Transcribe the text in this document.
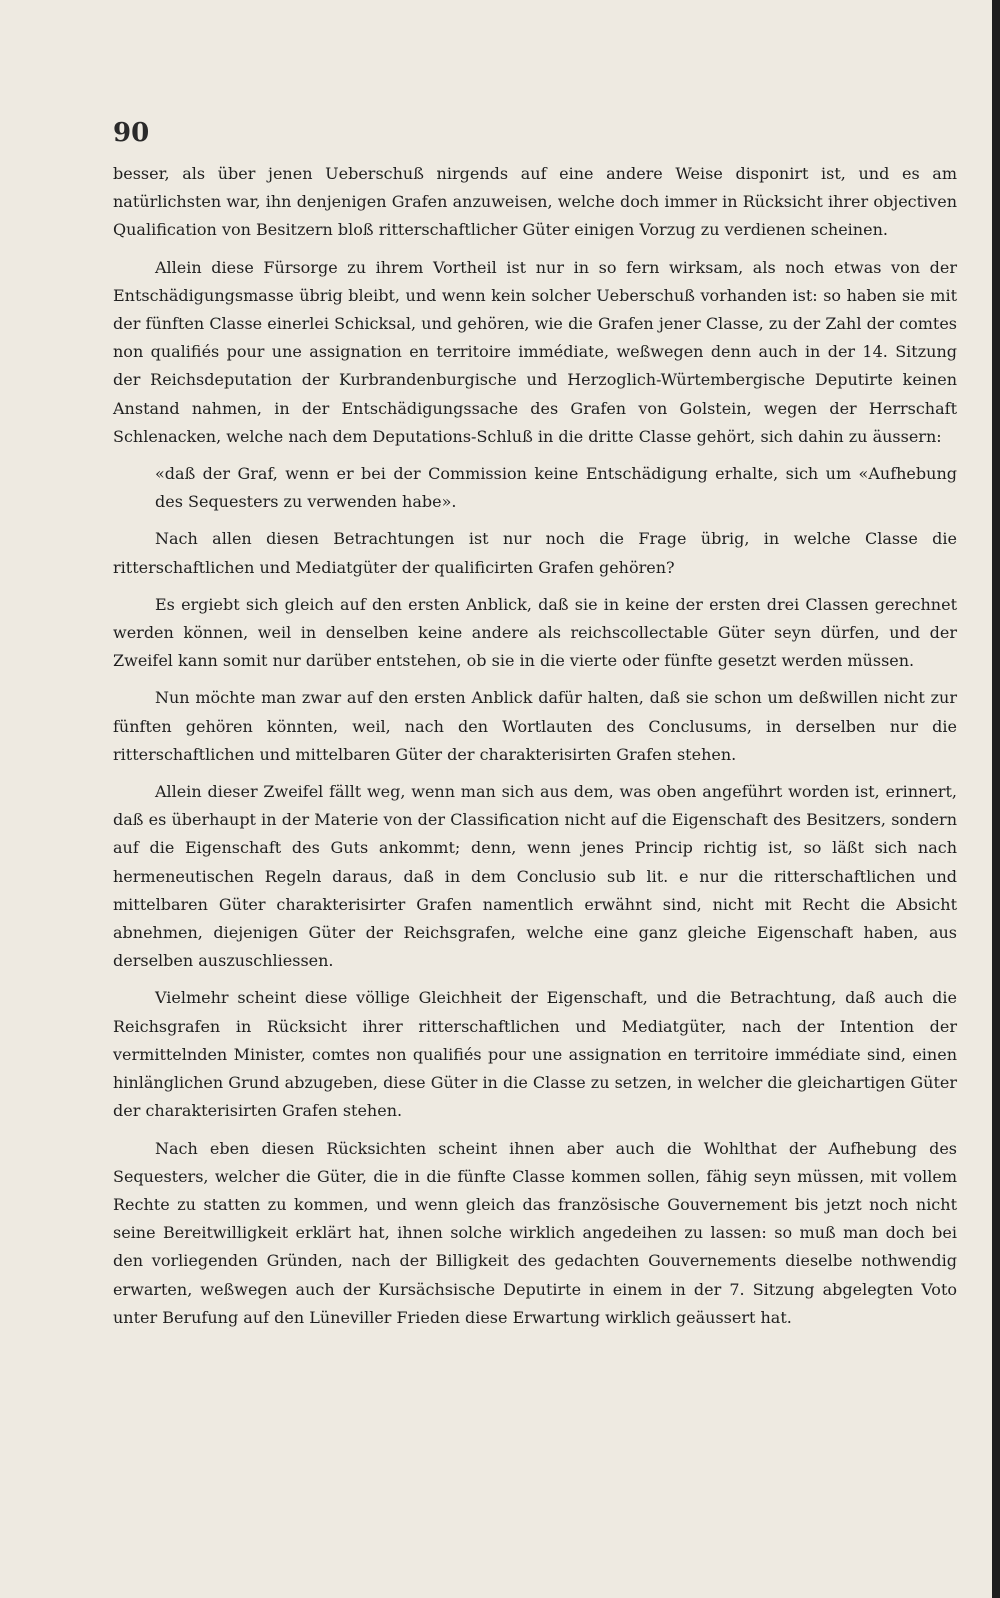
90

besser, als über jenen Ueberschuß nirgends auf eine andere Weise disponirt ist, und es am natürlichsten war, ihn denjenigen Grafen anzuweisen, welche doch immer in Rücksicht ihrer objectiven Qualification von Besitzern bloß ritterschaftlicher Güter einigen Vorzug zu verdienen scheinen.

Allein diese Fürsorge zu ihrem Vortheil ist nur in so fern wirksam, als noch etwas von der Entschädigungsmasse übrig bleibt, und wenn kein solcher Ueberschuß vorhanden ist: so haben sie mit der fünften Classe einerlei Schicksal, und gehören, wie die Grafen jener Classe, zu der Zahl der comtes non qualifiés pour une assignation en territoire immédiate, weßwegen denn auch in der 14. Sitzung der Reichsdeputation der Kurbrandenburgische und Herzoglich-Würtembergische Deputirte keinen Anstand nahmen, in der Entschädigungssache des Grafen von Golstein, wegen der Herrschaft Schlenacken, welche nach dem Deputations-Schluß in die dritte Classe gehört, sich dahin zu äussern:

«daß der Graf, wenn er bei der Commission keine Entschädigung erhalte, sich um «Aufhebung des Sequesters zu verwenden habe».

Nach allen diesen Betrachtungen ist nur noch die Frage übrig, in welche Classe die ritterschaftlichen und Mediatgüter der qualificirten Grafen gehören?

Es ergiebt sich gleich auf den ersten Anblick, daß sie in keine der ersten drei Classen gerechnet werden können, weil in denselben keine andere als reichscollectable Güter seyn dürfen, und der Zweifel kann somit nur darüber entstehen, ob sie in die vierte oder fünfte gesetzt werden müssen.

Nun möchte man zwar auf den ersten Anblick dafür halten, daß sie schon um deßwillen nicht zur fünften gehören könnten, weil, nach den Wortlauten des Conclusums, in derselben nur die ritterschaftlichen und mittelbaren Güter der charakterisirten Grafen stehen.

Allein dieser Zweifel fällt weg, wenn man sich aus dem, was oben angeführt worden ist, erinnert, daß es überhaupt in der Materie von der Classification nicht auf die Eigenschaft des Besitzers, sondern auf die Eigenschaft des Guts ankommt; denn, wenn jenes Princip richtig ist, so läßt sich nach hermeneutischen Regeln daraus, daß in dem Conclusio sub lit. e nur die ritterschaftlichen und mittelbaren Güter charakterisirter Grafen namentlich erwähnt sind, nicht mit Recht die Absicht abnehmen, diejenigen Güter der Reichsgrafen, welche eine ganz gleiche Eigenschaft haben, aus derselben auszuschliessen.

Vielmehr scheint diese völlige Gleichheit der Eigenschaft, und die Betrachtung, daß auch die Reichsgrafen in Rücksicht ihrer ritterschaftlichen und Mediatgüter, nach der Intention der vermittelnden Minister, comtes non qualifiés pour une assignation en territoire immédiate sind, einen hinlänglichen Grund abzugeben, diese Güter in die Classe zu setzen, in welcher die gleichartigen Güter der charakterisirten Grafen stehen.

Nach eben diesen Rücksichten scheint ihnen aber auch die Wohlthat der Aufhebung des Sequesters, welcher die Güter, die in die fünfte Classe kommen sollen, fähig seyn müssen, mit vollem Rechte zu statten zu kommen, und wenn gleich das französische Gouvernement bis jetzt noch nicht seine Bereitwilligkeit erklärt hat, ihnen solche wirklich angedeihen zu lassen: so muß man doch bei den vorliegenden Gründen, nach der Billigkeit des gedachten Gouvernements dieselbe nothwendig erwarten, weßwegen auch der Kursächsische Deputirte in einem in der 7. Sitzung abgelegten Voto unter Berufung auf den Lüneviller Frieden diese Erwartung wirklich geäussert hat.
